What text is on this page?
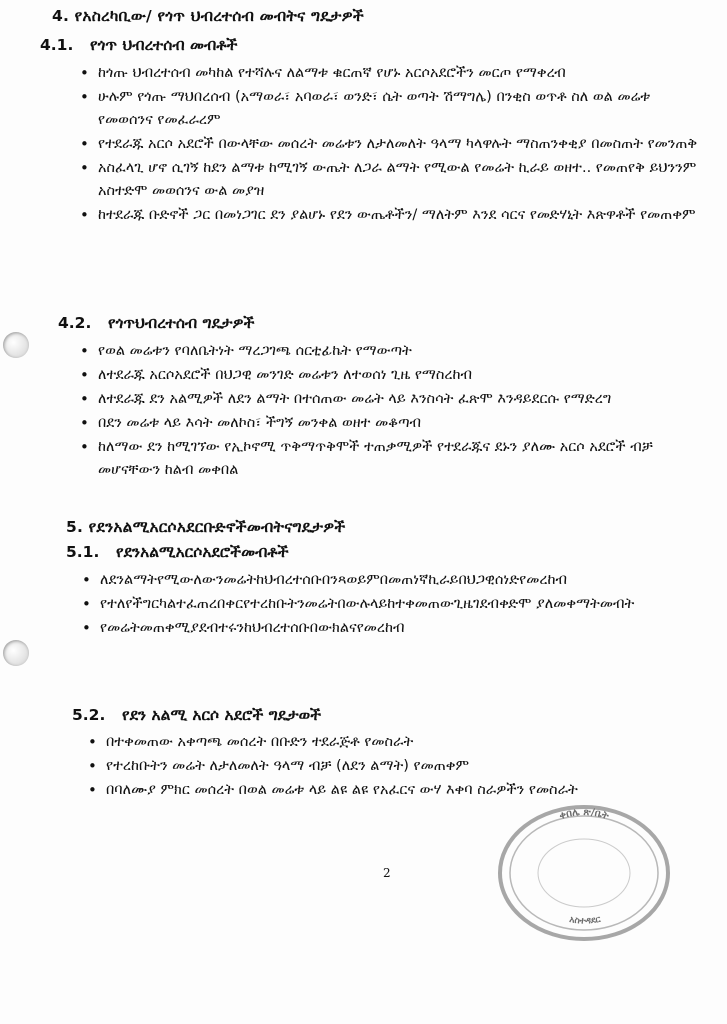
4. የአስረካቢው/ የጎጥ ህብረተሰብ መብትና ግዴታዎች
4.1. የጎጥ ህብረተሰብ መብቶች
• ከጎጡ ህብረተሰብ መካከል የተሻሉና ለልማቱ ቁርጠኛ የሆኑ አርሶአደሮችን መርጦ የማቀረብ
• ሁሉም የጎጡ ማህበረሰብ (አማወራ፣ አባወራ፣ ወንድ፣ ሴት ወጣት ሽማግሌ) በንቂስ ወጥቶ ስለ ወል መሬቱ የመወሰንና የመፈራረም
• የተደራጁ አርሶ አደሮች በውላቸው መሰረት መሬቱን ለታለመለት ዓላማ ካላዋሉት ማስጠንቀቂያ በመስጠት የመንጠቅ
• አስፈላጊ ሆኖ ሲገኝ ከደን ልማቱ ከሚገኝ ውጤት ለጋራ ልማት የሚውል የመሬት ኪራይ ወዘተ.. የመጠየቅ ይህንንም አስተድሞ መወሰንና ውል መያዝ
• ከተደራጁ ቡድኖች ጋር በመነጋገር ደን ያልሆኑ የደን ውጤቶችን/ ማለትም እንደ ሳርና የመድሃኒት እጽዋቶች የመጠቀም
4.2. የጎጥህብረተሰብ ግዴታዎች
• የወል መሬቱን የባለቤትነት ማረጋገጫ ሰርቲፊኬት የማውጣት
• ለተደራጁ አርሶአደሮች በህጋዊ መንገድ መሬቱን ለተወሰነ ጊዜ የማስረከብ
• ለተደራጁ ደን አልሚዎች ለደን ልማት በተሰጠው መሬት ላይ እንስሳት ፈጽሞ እንዳይደርሱ የማድረግ
• በደን መሬቱ ላይ እሳት መለኮስ፣ ችግኝ መንቀል ወዘተ መቆጣብ
• ከለማው ደን ከሚገኘው የኢኮኖሚ ጥቅማጥቅሞች ተጠቃሚዎች የተደራጁና ደኑን ያለሙ አርሶ አደሮች ብቻ መሆናቸውን ከልብ መቀበል
5. የደንአልሚአርሶአደርቡድኖችመብትናግዴታዎች
5.1. የደንአልሚአርሶአደሮችመብቶች
• ለደንልማትየሚውለውንመሬትከህብረተሰቡበንጻወይምበመጠነኛኪራይበህጋዊሰነድየመረከብ
• የተለየችግርካልተፈጠረበቀርየተረከቡትንመሬትበውሉላይከተቀመጠውጊዜገደብቀድሞ ያለመቀማትመብት
• የመሬትመጠቀሚያደብተሩንከህብረተሰቡበውክልናየመረከብ
5.2. የደን አልሚ አርሶ አደሮች ግዴታወች
• በተቀመጠው አቀጣጫ መሰረት በቡድን ተደራጅቶ የመስራት
• የተረከቡትን መሬት ለታለመለት ዓላማ ብቻ (ለደን ልማት) የመጠቀም
• በባለሙያ ምክር መሰረት በወል መሬቱ ላይ ልዩ ልዩ የአፈርና ውሃ እቀባ ስራዎችን የመስራት
2
ቀበሌ ጽ/ቤት
አስተዳደር
